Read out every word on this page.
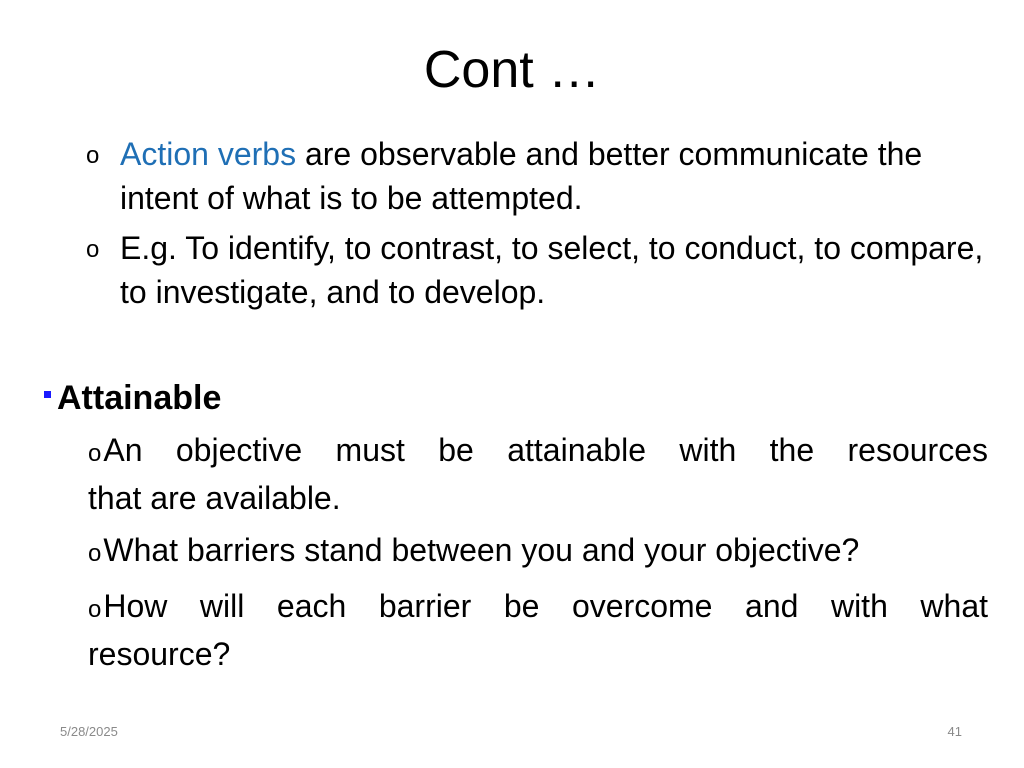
Cont …
o Action verbs are observable and better communicate the intent of what is to be attempted.
o E.g. To identify, to contrast, to select, to conduct, to compare, to investigate, and to develop.

Attainable

oAn objective must be attainable with the resources
that are available.
oWhat barriers stand between you and your objective?
oHow will each barrier be overcome and with what
resource?
5/28/2025	41
